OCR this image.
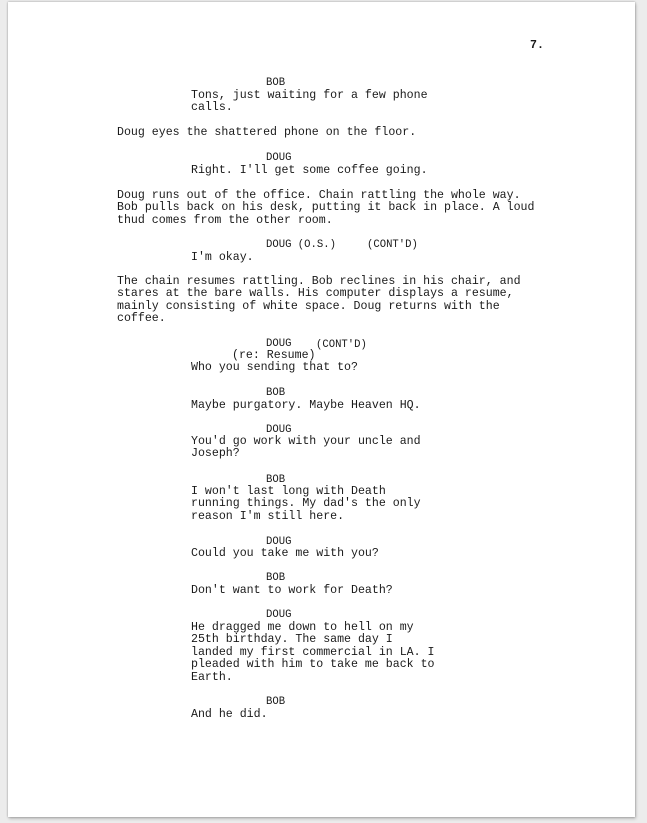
7.

BOB

Tons, just waiting for a few phone
calls.

Doug eyes the shattered phone on the floor.

DOUG

Right. I'll get some coffee going.

Doug runs out of the office. Chain rattling the whole way.
Bob pulls back on his desk, putting it back in place. A loud
thud comes from the other room.

DOUG (O.S.)	(CONT'D)

I'm okay.

The chain resumes rattling. Bob reclines in his chair, and
stares at the bare walls. His computer displays a resume,
mainly consisting of white space. Doug returns with the
coffee.

DOUG (CONT'D)

(re: Resume)

Who you sending that to?

BOB

Maybe purgatory. Maybe Heaven HQ.

DOUG

You'd go work with your uncle and
Joseph?

BOB

I won't last long with Death
running things. My dad's the only
reason I'm still here.

DOUG

Could you take me with you?

BOB

Don't want to work for Death?

DOUG

He dragged me down to hell on my
25th birthday. The same day I
landed my first commercial in LA. I
pleaded with him to take me back to
Earth.

BOB

And he did.
